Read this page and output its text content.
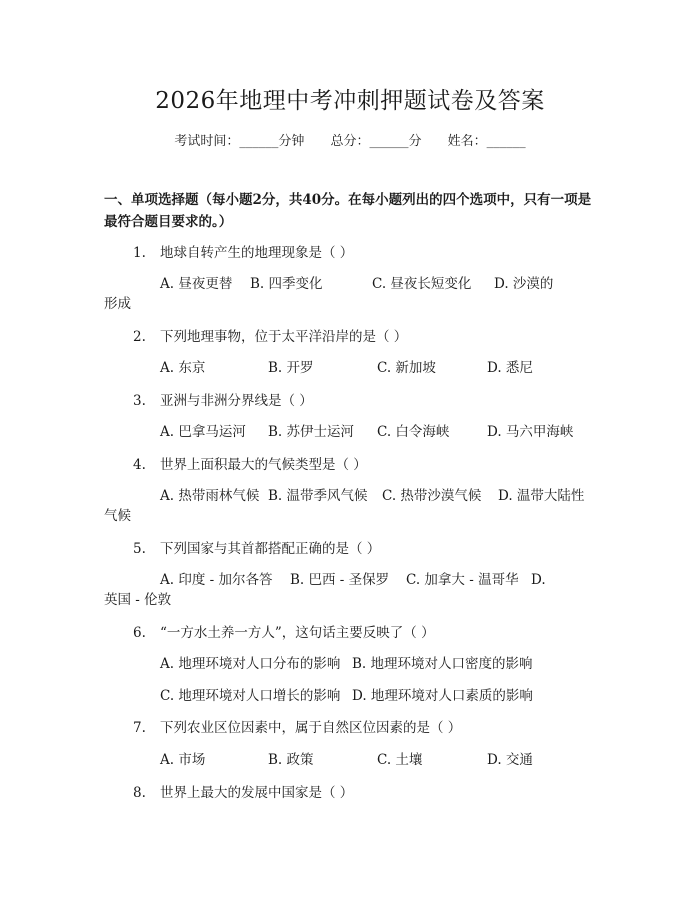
2026年地理中考冲刺押题试卷及答案
考试时间：______分钟 总分：______分 姓名：______
一、单项选择题（每小题2分，共40分。在每小题列出的四个选项中，只有一项是最符合题目要求的。）
1. 地球自转产生的地理现象是（ ）
A. 昼夜更替 B. 四季变化	C. 昼夜长短变化 D. 沙漠的
形成
2. 下列地理事物，位于太平洋沿岸的是（ ）
A. 东京	B. 开罗	C. 新加坡	D. 悉尼
3. 亚洲与非洲分界线是（ ）
A. 巴拿马运河 B. 苏伊士运河 C. 白令海峡	D. 马六甲海峡
4. 世界上面积最大的气候类型是（ ）
A. 热带雨林气候 B. 温带季风气候 C. 热带沙漠气候 D. 温带大陆性
气候
5. 下列国家与其首都搭配正确的是（ ）
A. 印度 - 加尔各答 B. 巴西 - 圣保罗 C. 加拿大 - 温哥华 D.
英国 - 伦敦
6. “一方水土养一方人”，这句话主要反映了（ ）
A. 地理环境对人口分布的影响 B. 地理环境对人口密度的影响
C. 地理环境对人口增长的影响 D. 地理环境对人口素质的影响
7. 下列农业区位因素中，属于自然区位因素的是（ ）
A. 市场	B. 政策	C. 土壤	D. 交通
8. 世界上最大的发展中国家是（ ）
